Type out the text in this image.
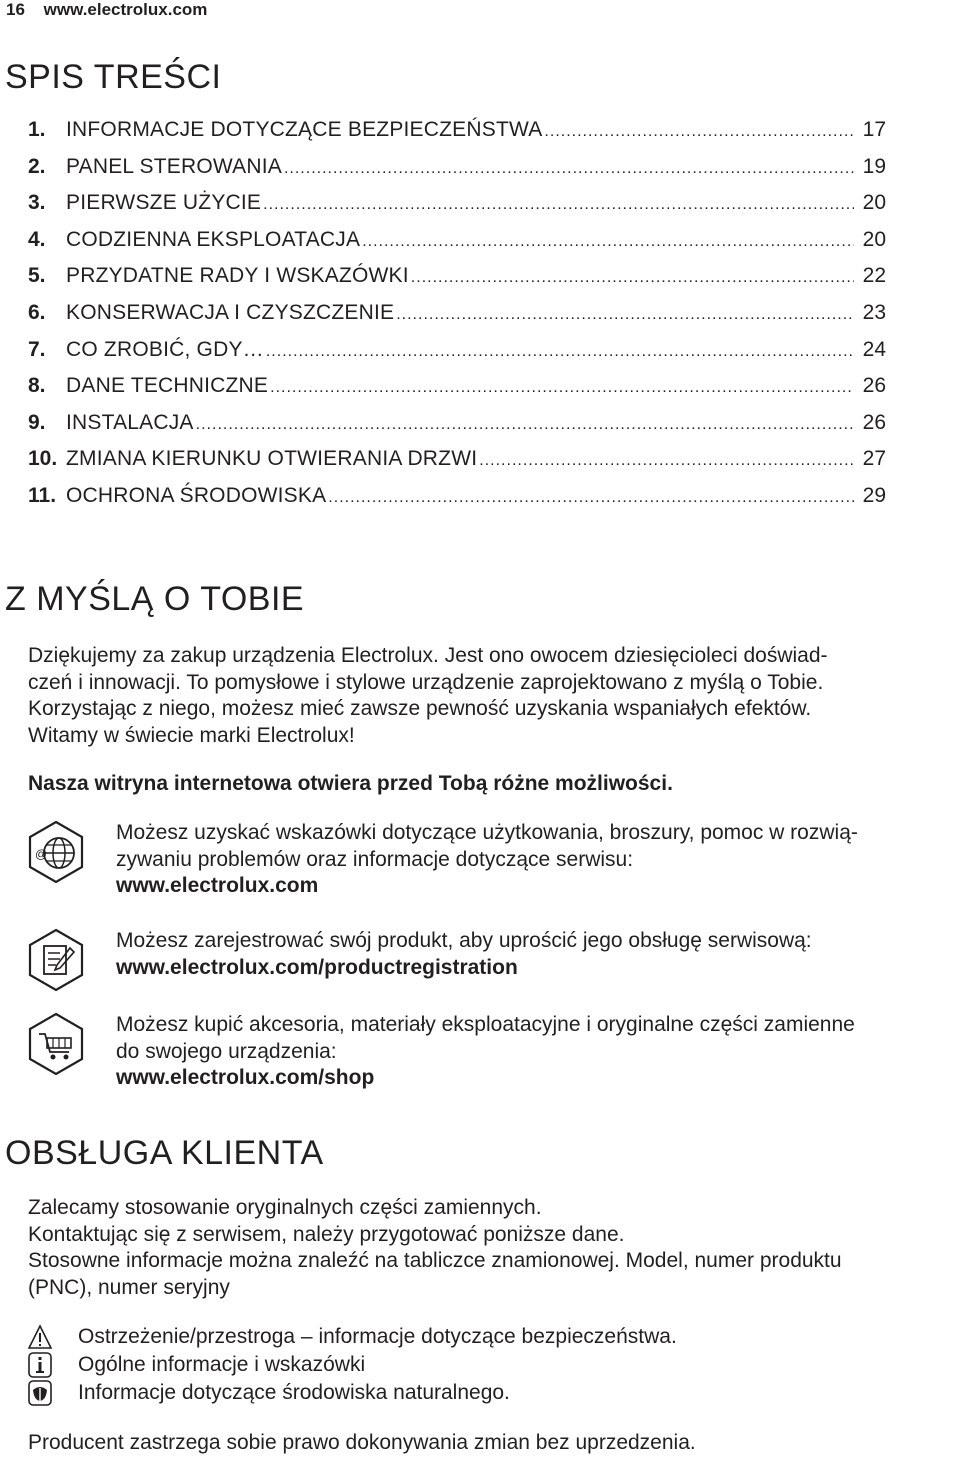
16 www.electrolux.com
SPIS TREŚCI
1. INFORMACJE DOTYCZĄCE BEZPIECZEŃSTWA .....	17
2. PANEL STEROWANIA .....	19
3. PIERWSZE UŻYCIE .....	20
4. CODZIENNA EKSPLOATACJA .....	20
5. PRZYDATNE RADY I WSKAZÓWKI .....	22
6. KONSERWACJA I CZYSZCZENIE .....	23
7. CO ZROBIĆ, GDY… .....	24
8. DANE TECHNICZNE .....	26
9. INSTALACJA .....	26
10. ZMIANA KIERUNKU OTWIERANIA DRZWI .....	27
11. OCHRONA ŚRODOWISKA .....	29
Z MYŚLĄ O TOBIE
Dziękujemy za zakup urządzenia Electrolux. Jest ono owocem dziesięcioleci doświad-
czeń i innowacji. To pomysłowe i stylowe urządzenie zaprojektowano z myślą o Tobie.
Korzystając z niego, możesz mieć zawsze pewność uzyskania wspaniałych efektów.
Witamy w świecie marki Electrolux!
Nasza witryna internetowa otwiera przed Tobą różne możliwości.
@
Możesz uzyskać wskazówki dotyczące użytkowania, broszury, pomoc w rozwią-
zywaniu problemów oraz informacje dotyczące serwisu:
www.electrolux.com
Możesz zarejestrować swój produkt, aby uprościć jego obsługę serwisową:
www.electrolux.com/productregistration
Możesz kupić akcesoria, materiały eksploatacyjne i oryginalne części zamienne
do swojego urządzenia:
www.electrolux.com/shop
OBSŁUGA KLIENTA
Zalecamy stosowanie oryginalnych części zamiennych.
Kontaktując się z serwisem, należy przygotować poniższe dane.
Stosowne informacje można znaleźć na tabliczce znamionowej. Model, numer produktu
(PNC), numer seryjny
Ostrzeżenie/przestroga – informacje dotyczące bezpieczeństwa.
Ogólne informacje i wskazówki
Informacje dotyczące środowiska naturalnego.
Producent zastrzega sobie prawo dokonywania zmian bez uprzedzenia.
